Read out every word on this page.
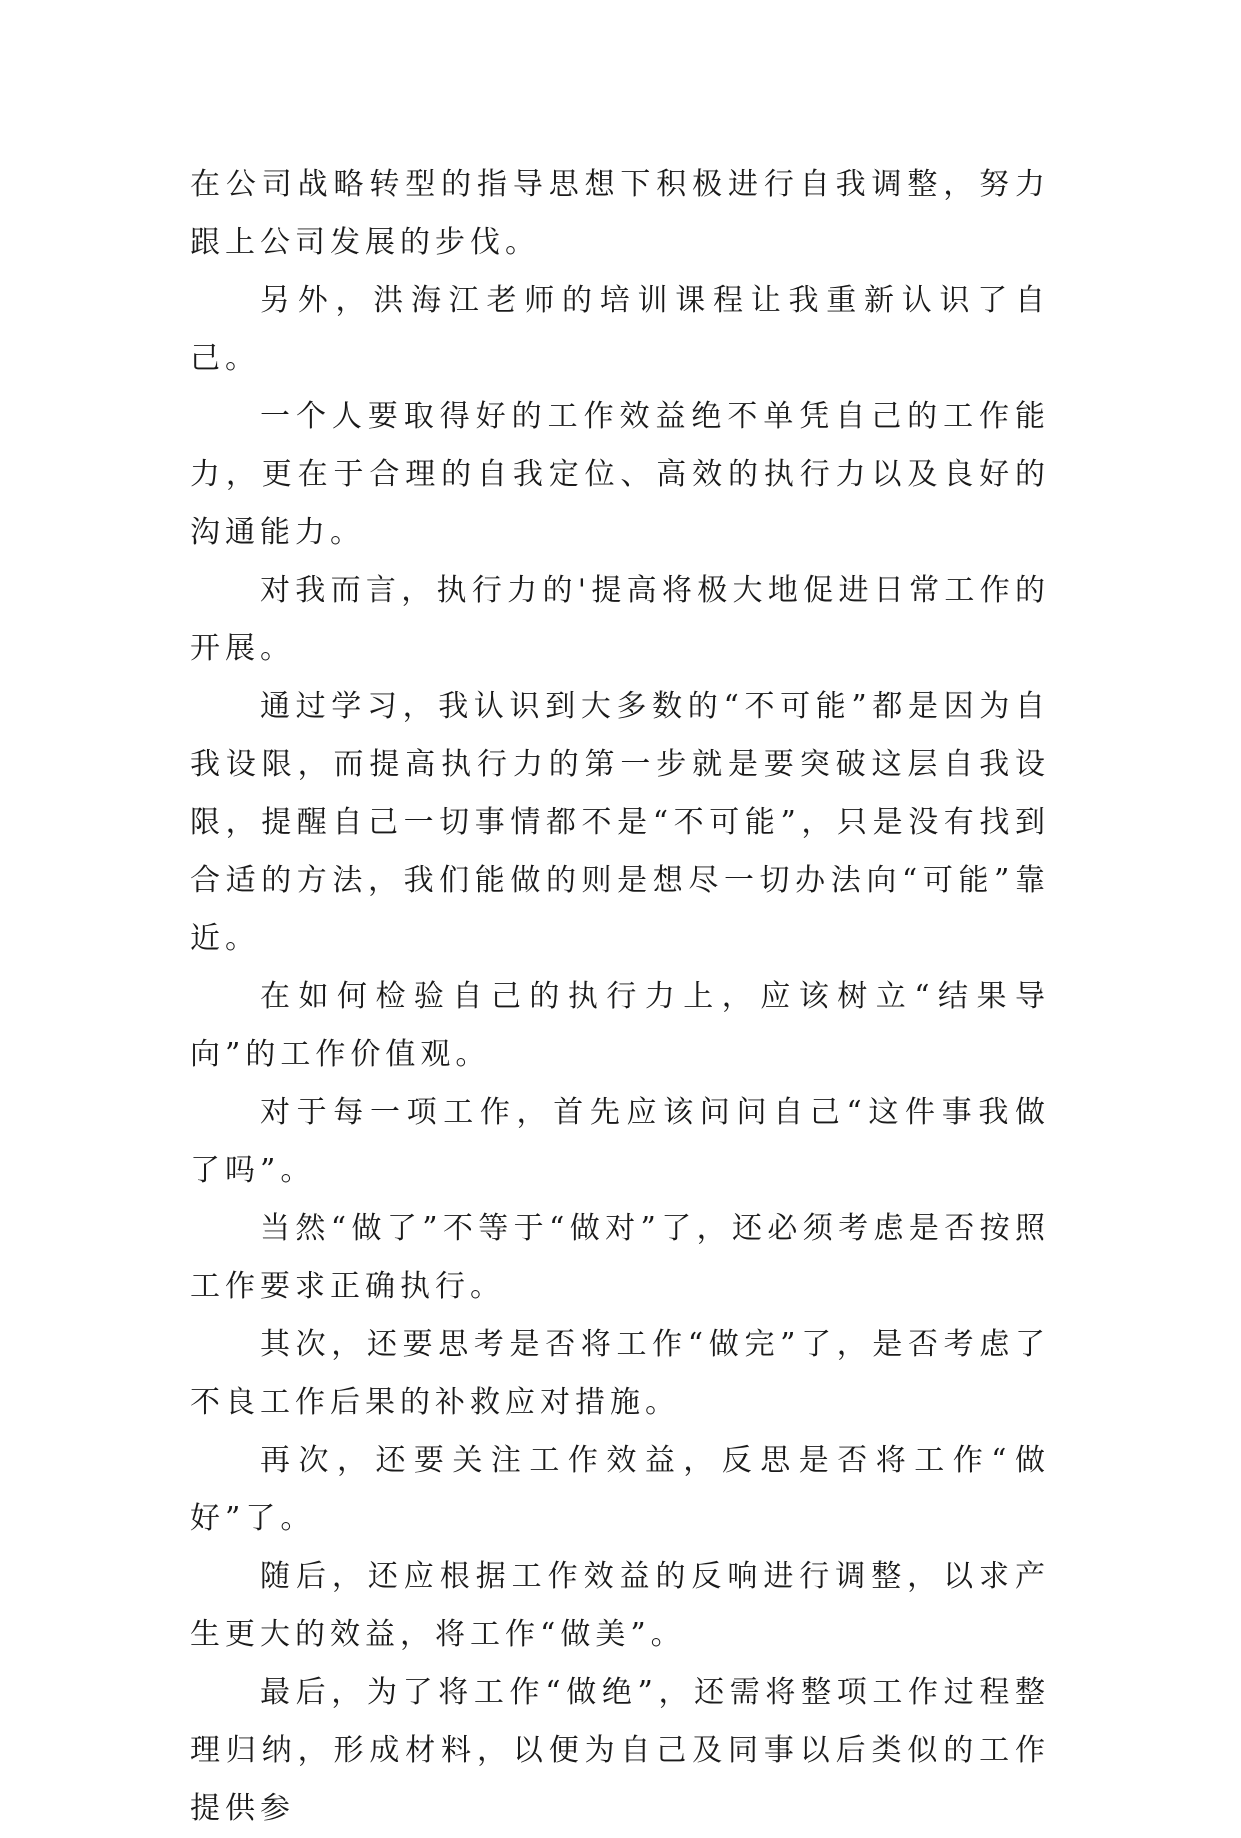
在公司战略转型的指导思想下积极进行自我调整，努力跟上公司发展的步伐。

另外，洪海江老师的培训课程让我重新认识了自己。

一个人要取得好的工作效益绝不单凭自己的工作能力，更在于合理的自我定位、高效的执行力以及良好的沟通能力。

对我而言，执行力的'提高将极大地促进日常工作的开展。

通过学习，我认识到大多数的“不可能”都是因为自我设限，而提高执行力的第一步就是要突破这层自我设限，提醒自己一切事情都不是“不可能”，只是没有找到合适的方法，我们能做的则是想尽一切办法向“可能”靠近。

在如何检验自己的执行力上，应该树立“结果导向”的工作价值观。

对于每一项工作，首先应该问问自己“这件事我做了吗”。

当然“做了”不等于“做对”了，还必须考虑是否按照工作要求正确执行。

其次，还要思考是否将工作“做完”了，是否考虑了不良工作后果的补救应对措施。

再次，还要关注工作效益，反思是否将工作“做好”了。

随后，还应根据工作效益的反响进行调整，以求产生更大的效益，将工作“做美”。

最后，为了将工作“做绝”，还需将整项工作过程整理归纳，形成材料，以便为自己及同事以后类似的工作提供参
